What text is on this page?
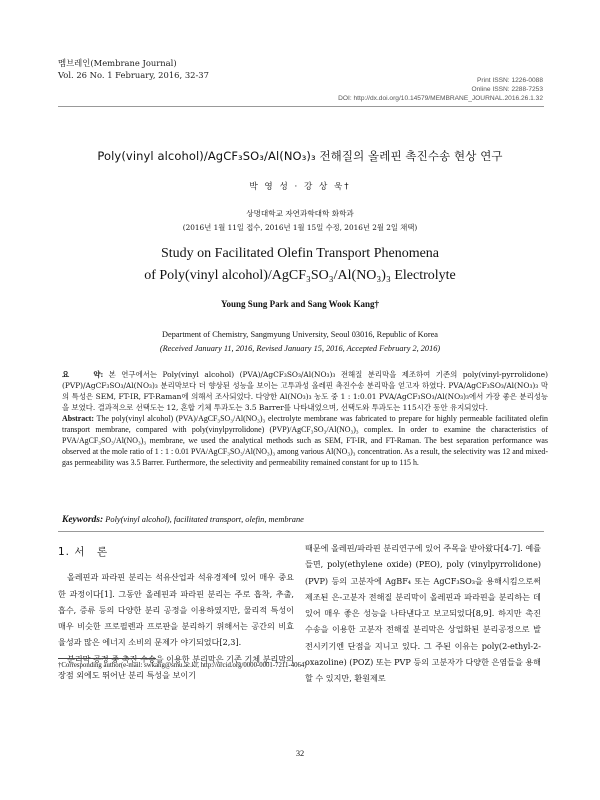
멤브레인(Membrane Journal)
Vol. 26 No. 1 February, 2016, 32-37
Print ISSN: 1226-0088
Online ISSN: 2288-7253
DOI: http://dx.doi.org/10.14579/MEMBRANE_JOURNAL.2016.26.1.32
Poly(vinyl alcohol)/AgCF₃SO₃/Al(NO₃)₃ 전해질의 올레핀 촉진수송 현상 연구
박 영 성 · 강 상 욱†
상명대학교 자연과학대학 화학과
(2016년 1월 11일 접수, 2016년 1월 15일 수정, 2016년 2월 2일 채택)
Study on Facilitated Olefin Transport Phenomena
of Poly(vinyl alcohol)/AgCF₃SO₃/Al(NO₃)₃ Electrolyte
Young Sung Park and Sang Wook Kang†
Department of Chemistry, Sangmyung University, Seoul 03016, Republic of Korea
(Received January 11, 2016, Revised January 15, 2016, Accepted February 2, 2016)
요　　약: 본 연구에서는 Poly(vinyl alcohol) (PVA)/AgCF₃SO₃/Al(NO₃)₃ 전해질 분리막을 제조하여 기존의 poly(vinyl-pyrrolidone) (PVP)/AgCF₃SO₃/Al(NO₃)₃ 분리막보다 더 향상된 성능을 보이는 고투과성 올레핀 촉진수송 분리막을 얻고자 하였다. PVA/AgCF₃SO₃/Al(NO₃)₃ 막의 특성은 SEM, FT-IR, FT-Raman에 의해서 조사되었다. 다양한 Al(NO₃)₃ 농도 중 1 : 1:0.01 PVA/AgCF₃SO₃/Al(NO₃)₃에서 가장 좋은 분리성능을 보였다. 결과적으로 선택도는 12, 혼합 기체 투과도는 3.5 Barrer를 나타내었으며, 선택도와 투과도는 115시간 동안 유지되었다.
Abstract: The poly(vinyl alcohol) (PVA)/AgCF₃SO₃/Al(NO₃)₃ electrolyte membrane was fabricated to prepare for highly permeable facilitated olefin transport membrane, compared with poly(vinylpyrrolidone) (PVP)/AgCF₃SO₃/Al(NO₃)₃ complex. In order to examine the characteristics of PVA/AgCF₃SO₃/Al(NO₃)₃ membrane, we used the analytical methods such as SEM, FT-IR, and FT-Raman. The best separation performance was observed at the mole ratio of 1 : 1 : 0.01 PVA/AgCF₃SO₃/Al(NO₃)₃ among various Al(NO₃)₃ concentration. As a result, the selectivity was 12 and mixed-gas permeability was 3.5 Barrer. Furthermore, the selectivity and permeability remained constant for up to 115 h.
Keywords: Poly(vinyl alcohol), facilitated transport, olefin, membrane
1. 서　론

올레핀과 파라핀 분리는 석유산업과 석유경제에 있어 매우 중요한 과정이다[1]. 그동안 올레핀과 파라핀 분리는 주로 흡착, 추출, 흡수, 증류 등의 다양한 분리 공정을 이용하였지만, 물리적 특성이 매우 비슷한 프로필렌과 프로판을 분리하기 위해서는 공간의 비효율성과 많은 에너지 소비의 문제가 야기되었다[2,3].

분리막 공정 중 촉진 수송을 이용한 분리막은 기존 기체 분리막의 장점 외에도 뛰어난 분리 특성을 보이기

때문에 올레핀/파라핀 분리연구에 있어 주목을 받아왔다[4-7]. 예를 들면, poly(ethylene oxide) (PEO), poly (vinylpyrrolidone) (PVP) 등의 고분자에 AgBF₄ 또는 AgCF₃SO₃을 용해시킴으로써 제조된 은-고분자 전해질 분리막이 올레핀과 파라핀을 분리하는 데 있어 매우 좋은 성능을 나타낸다고 보고되었다[8,9]. 하지만 촉진 수송을 이용한 고분자 전해질 분리막은 상업화된 분리공정으로 발전시키기엔 단점을 지니고 있다. 그 주된 이유는 poly(2-ethyl-2-oxazoline) (POZ) 또는 PVP 등의 고분자가 다양한 은염들을 용해할 수 있지만, 환원제로

†Corresponding author(e-mail: swkang@smu.ac.kr, http://orcid.org/0000-0001-7211-4064)
32
